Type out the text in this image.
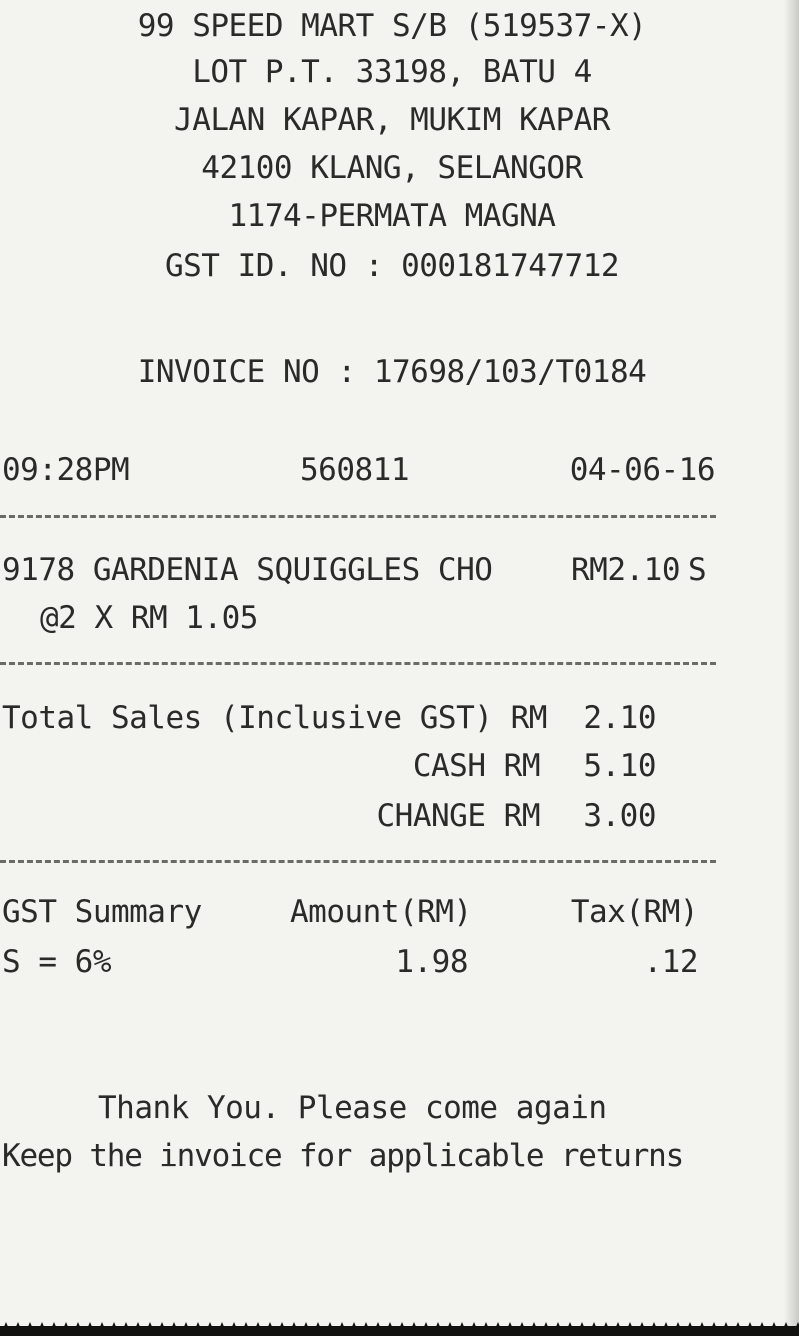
99 SPEED MART S/B (519537-X)
LOT P.T. 33198, BATU 4
JALAN KAPAR, MUKIM KAPAR
42100 KLANG, SELANGOR
1174-PERMATA MAGNA
GST ID. NO : 000181747712
INVOICE NO : 17698/103/T0184
09:28PM	560811	04-06-16
9178 GARDENIA SQUIGGLES CHO	RM2.10 S
@2 X RM 1.05
Total Sales (Inclusive GST) RM	2.10
CASH RM	5.10
CHANGE RM	3.00
GST Summary	Amount(RM)	Tax(RM)
S = 6%	1.98	.12
Thank You. Please come again
Keep the invoice for applicable returns
